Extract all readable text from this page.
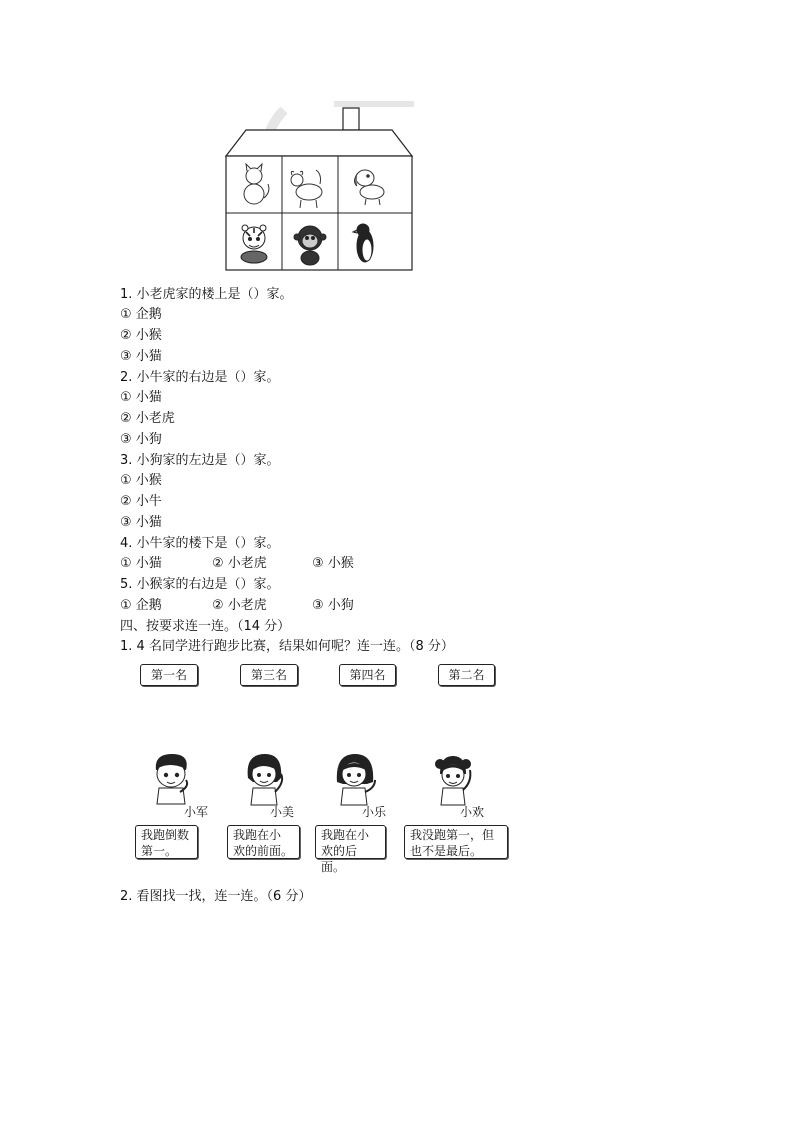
1. 小老虎家的楼上是（）家。
① 企鹅
② 小猴
③ 小猫
2. 小牛家的右边是（）家。
① 小猫
② 小老虎
③ 小狗
3. 小狗家的左边是（）家。
① 小猴
② 小牛
③ 小猫
4. 小牛家的楼下是（）家。
① 小猫	② 小老虎	③ 小猴
5. 小猴家的右边是（）家。
① 企鹅	② 小老虎	③ 小狗
四、按要求连一连。（14 分）
1. 4 名同学进行跑步比赛，结果如何呢？连一连。（8 分）
第一名	第三名	第四名	第二名
小军	小美	小乐	小欢
我跑倒数
第一。
我跑在小
欢的前面。
我跑在小
欢的后面。
我没跑第一，但
也不是最后。
2. 看图找一找，连一连。（6 分）
